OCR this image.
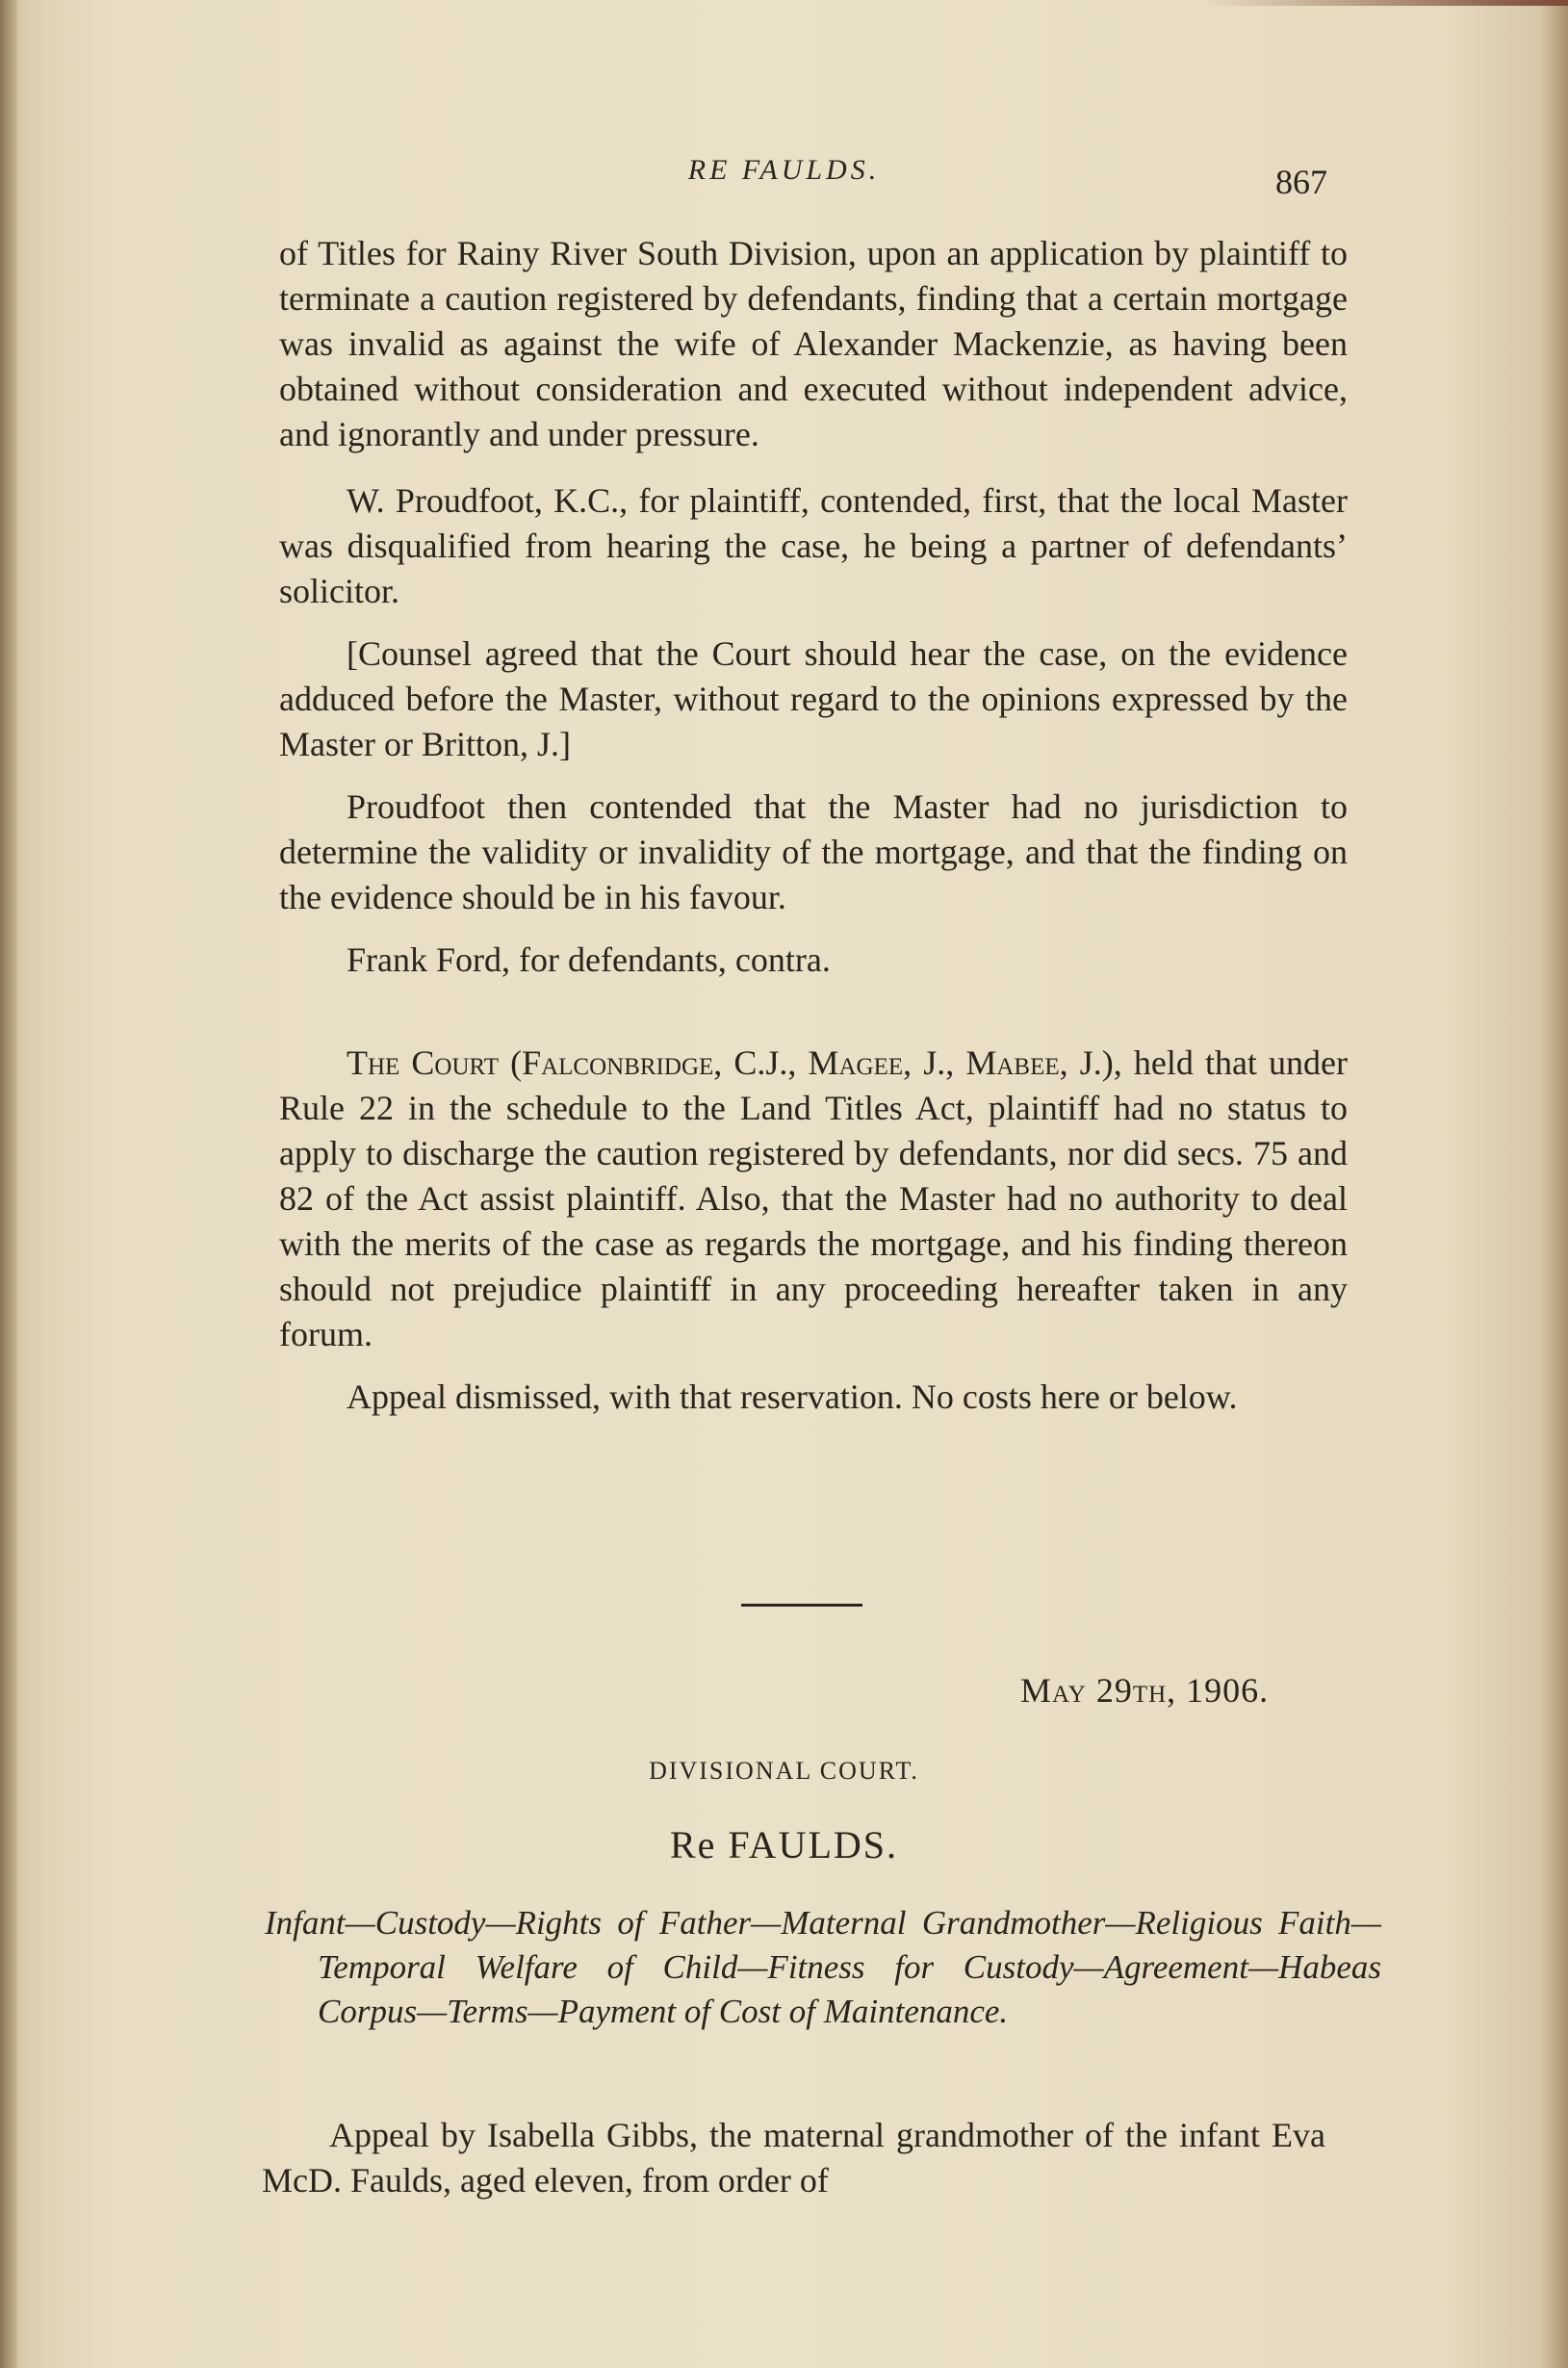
RE FAULDS.	867

of Titles for Rainy River South Division, upon an application by plaintiff to terminate a caution registered by defendants, finding that a certain mortgage was invalid as against the wife of Alexander Mackenzie, as having been obtained without consideration and executed without independent advice, and ignorantly and under pressure.

W. Proudfoot, K.C., for plaintiff, contended, first, that the local Master was disqualified from hearing the case, he being a partner of defendants’ solicitor.

[Counsel agreed that the Court should hear the case, on the evidence adduced before the Master, without regard to the opinions expressed by the Master or Britton, J.]

Proudfoot then contended that the Master had no jurisdiction to determine the validity or invalidity of the mortgage, and that the finding on the evidence should be in his favour.

Frank Ford, for defendants, contra.

The Court (Falconbridge, C.J., Magee, J., Mabee, J.), held that under Rule 22 in the schedule to the Land Titles Act, plaintiff had no status to apply to discharge the caution registered by defendants, nor did secs. 75 and 82 of the Act assist plaintiff. Also, that the Master had no authority to deal with the merits of the case as regards the mortgage, and his finding thereon should not prejudice plaintiff in any proceeding hereafter taken in any forum.

Appeal dismissed, with that reservation. No costs here or below.

May 29th, 1906.
DIVISIONAL COURT.
Re FAULDS.
Infant—Custody—Rights of Father—Maternal Grandmother—Religious Faith—Temporal Welfare of Child—Fitness for Custody—Agreement—Habeas Corpus—Terms—Payment of Cost of Maintenance.

Appeal by Isabella Gibbs, the maternal grandmother of the infant Eva McD. Faulds, aged eleven, from order of
